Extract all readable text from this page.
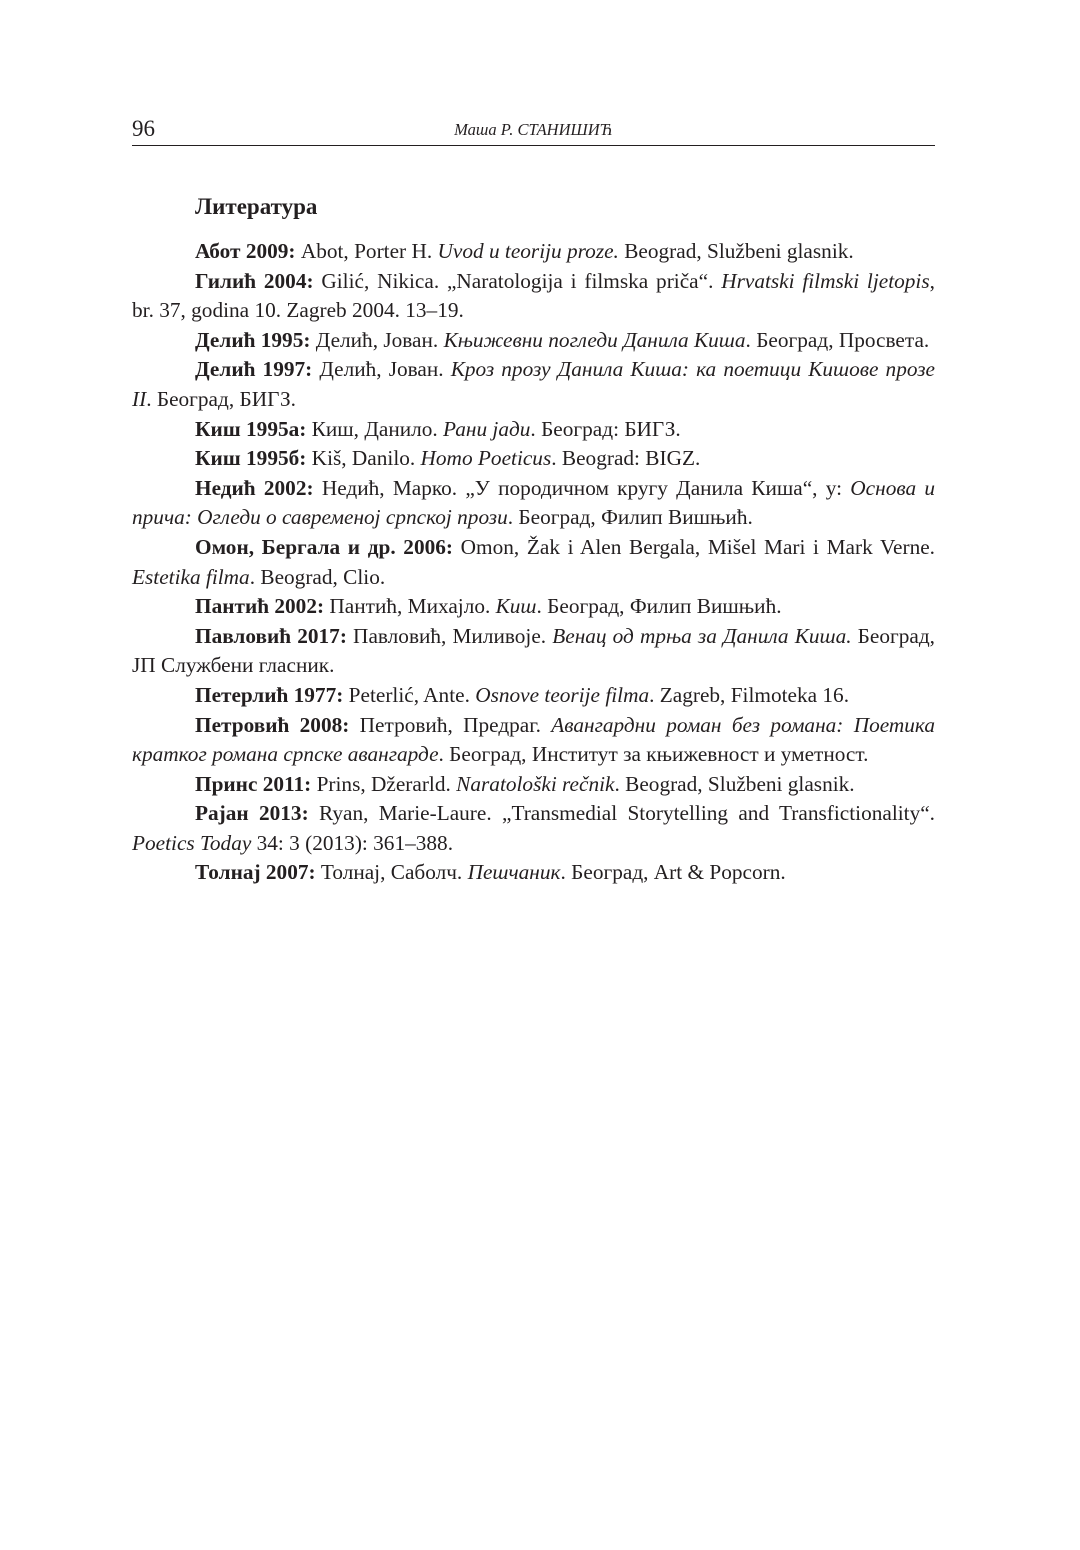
96	Маша Р. СТАНИШИЋ
Литература
Абот 2009: Abot, Porter H. Uvod u teoriju proze. Beograd, Službeni glasnik.
Гилић 2004: Gilić, Nikica. „Naratologija i filmska priča“. Hrvatski filmski ljetopis, br. 37, godina 10. Zagreb 2004. 13–19.
Делић 1995: Делић, Јован. Књижевни погледи Данила Киша. Београд, Просвета.
Делић 1997: Делић, Јован. Кроз прозу Данила Киша: ка поетици Кишове прозе II. Београд, БИГЗ.
Киш 1995а: Киш, Данило. Рани јади. Београд: БИГЗ.
Киш 1995б: Kiš, Danilo. Homo Poeticus. Beograd: BIGZ.
Недић 2002: Недић, Марко. „У породичном кругу Данила Киша“, у: Основа и прича: Огледи о савременој српској прози. Београд, Филип Вишњић.
Омон, Бергала и др. 2006: Omon, Žak i Alen Bergala, Mišel Mari i Mark Verne. Estetika filma. Beograd, Clio.
Пантић 2002: Пантић, Михајло. Киш. Београд, Филип Вишњић.
Павловић 2017: Павловић, Миливоје. Венац од трња за Данила Киша. Београд, ЈП Службени гласник.
Петерлић 1977: Peterlić, Ante. Osnove teorije filma. Zagreb, Filmoteka 16.
Петровић 2008: Петровић, Предраг. Авангардни роман без романа: Поетика кратког романа српске авангарде. Београд, Институт за књижевност и уметност.
Принс 2011: Prins, Džerarld. Naratološki rečnik. Beograd, Službeni glasnik.
Рајан 2013: Ryan, Marie-Laure. „Transmedial Storytelling and Transfictionality“. Poetics Today 34: 3 (2013): 361–388.
Толнај 2007: Толнај, Саболч. Пешчаник. Београд, Art & Popcorn.
